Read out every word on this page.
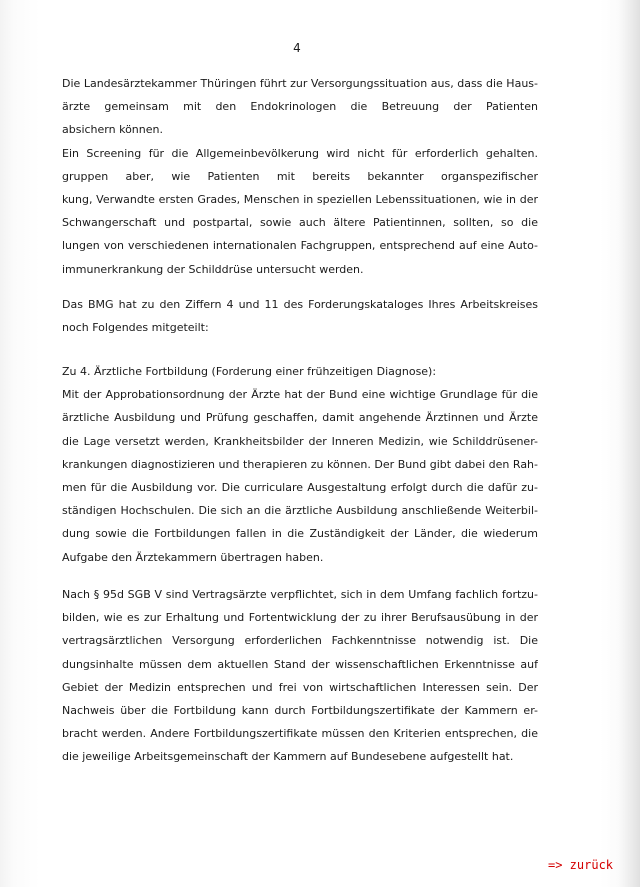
4
Die Landesärztekammer Thüringen führt zur Versorgungssituation aus, dass die Haus-
ärzte gemeinsam mit den Endokrinologen die Betreuung der Patienten
absichern können.
Ein Screening für die Allgemeinbevölkerung wird nicht für erforderlich gehalten.
gruppen aber, wie Patienten mit bereits bekannter organspezifischer
kung, Verwandte ersten Grades, Menschen in speziellen Lebenssituationen, wie in der
Schwangerschaft und postpartal, sowie auch ältere Patientinnen, sollten, so die
lungen von verschiedenen internationalen Fachgruppen, entsprechend auf eine Auto-
immunerkrankung der Schilddrüse untersucht werden.
Das BMG hat zu den Ziffern 4 und 11 des Forderungskataloges Ihres Arbeitskreises
noch Folgendes mitgeteilt:
Zu 4. Ärztliche Fortbildung (Forderung einer frühzeitigen Diagnose):
Mit der Approbationsordnung der Ärzte hat der Bund eine wichtige Grundlage für die
ärztliche Ausbildung und Prüfung geschaffen, damit angehende Ärztinnen und Ärzte
die Lage versetzt werden, Krankheitsbilder der Inneren Medizin, wie Schilddrüsener-
krankungen diagnostizieren und therapieren zu können. Der Bund gibt dabei den Rah-
men für die Ausbildung vor. Die curriculare Ausgestaltung erfolgt durch die dafür zu-
ständigen Hochschulen. Die sich an die ärztliche Ausbildung anschließende Weiterbil-
dung sowie die Fortbildungen fallen in die Zuständigkeit der Länder, die wiederum
Aufgabe den Ärztekammern übertragen haben.
Nach § 95d SGB V sind Vertragsärzte verpflichtet, sich in dem Umfang fachlich fortzu-
bilden, wie es zur Erhaltung und Fortentwicklung der zu ihrer Berufsausübung in der
vertragsärztlichen Versorgung erforderlichen Fachkenntnisse notwendig ist. Die
dungsinhalte müssen dem aktuellen Stand der wissenschaftlichen Erkenntnisse auf
Gebiet der Medizin entsprechen und frei von wirtschaftlichen Interessen sein. Der
Nachweis über die Fortbildung kann durch Fortbildungszertifikate der Kammern er-
bracht werden. Andere Fortbildungszertifikate müssen den Kriterien entsprechen, die
die jeweilige Arbeitsgemeinschaft der Kammern auf Bundesebene aufgestellt hat.
=> zurück
